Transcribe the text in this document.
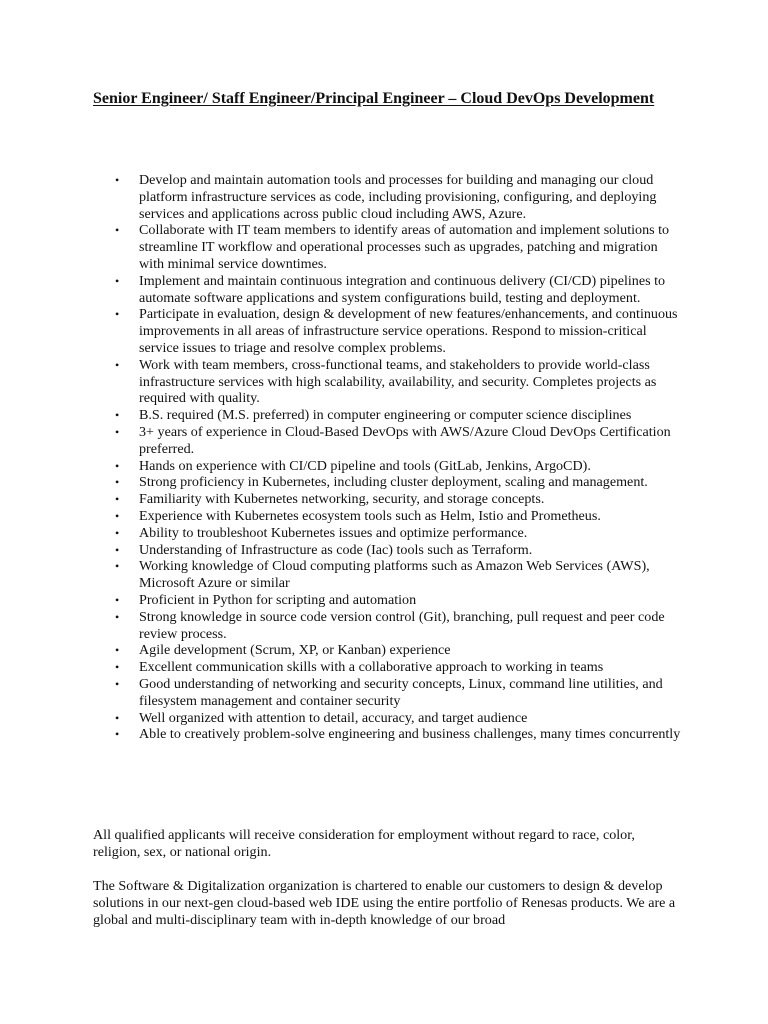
Senior Engineer/ Staff Engineer/Principal Engineer – Cloud DevOps Development
• Develop and maintain automation tools and processes for building and managing our cloud platform infrastructure services as code, including provisioning, configuring, and deploying services and applications across public cloud including AWS, Azure.
• Collaborate with IT team members to identify areas of automation and implement solutions to streamline IT workflow and operational processes such as upgrades, patching and migration with minimal service downtimes.
• Implement and maintain continuous integration and continuous delivery (CI/CD) pipelines to automate software applications and system configurations build, testing and deployment.
• Participate in evaluation, design & development of new features/enhancements, and continuous improvements in all areas of infrastructure service operations. Respond to mission-critical service issues to triage and resolve complex problems.
• Work with team members, cross-functional teams, and stakeholders to provide world-class infrastructure services with high scalability, availability, and security. Completes projects as required with quality.
• B.S. required (M.S. preferred) in computer engineering or computer science disciplines
• 3+ years of experience in Cloud-Based DevOps with AWS/Azure Cloud DevOps Certification preferred.
• Hands on experience with CI/CD pipeline and tools (GitLab, Jenkins, ArgoCD).
• Strong proficiency in Kubernetes, including cluster deployment, scaling and management.
• Familiarity with Kubernetes networking, security, and storage concepts.
• Experience with Kubernetes ecosystem tools such as Helm, Istio and Prometheus.
• Ability to troubleshoot Kubernetes issues and optimize performance.
• Understanding of Infrastructure as code (Iac) tools such as Terraform.
• Working knowledge of Cloud computing platforms such as Amazon Web Services (AWS), Microsoft Azure or similar
• Proficient in Python for scripting and automation
• Strong knowledge in source code version control (Git), branching, pull request and peer code review process.
• Agile development (Scrum, XP, or Kanban) experience
• Excellent communication skills with a collaborative approach to working in teams
• Good understanding of networking and security concepts, Linux, command line utilities, and filesystem management and container security
• Well organized with attention to detail, accuracy, and target audience
• Able to creatively problem-solve engineering and business challenges, many times concurrently

All qualified applicants will receive consideration for employment without regard to race, color, religion, sex, or national origin.

The Software & Digitalization organization is chartered to enable our customers to design & develop solutions in our next-gen cloud-based web IDE using the entire portfolio of Renesas products. We are a global and multi-disciplinary team with in-depth knowledge of our broad
